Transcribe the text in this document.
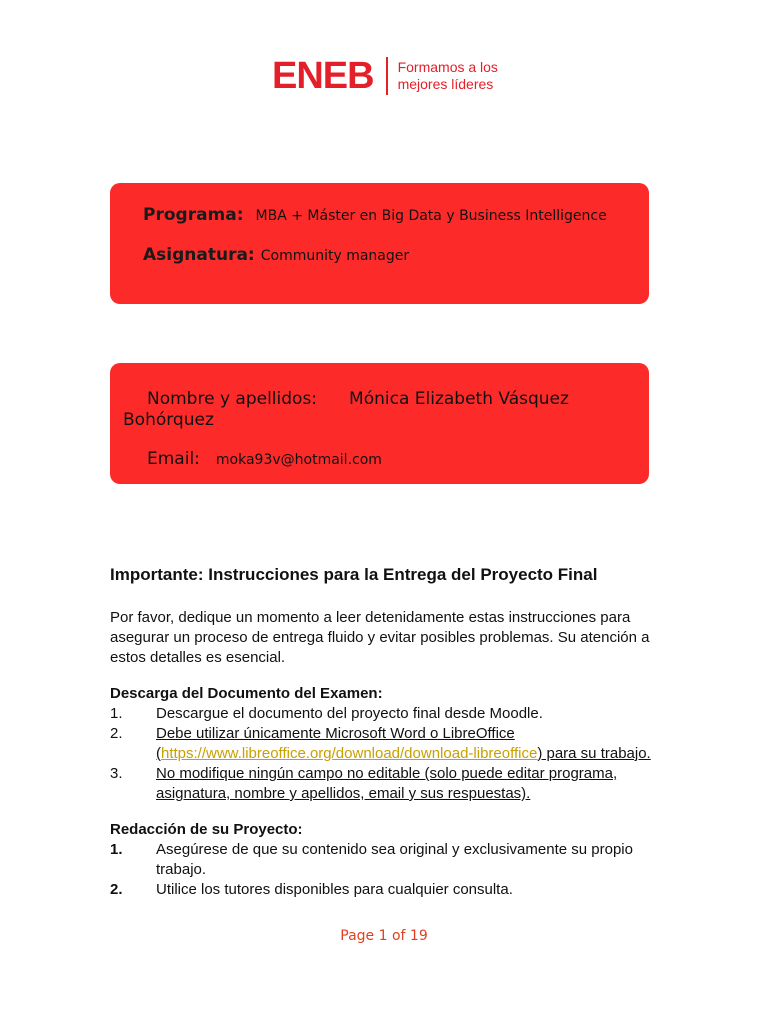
ENEB Formamos a los
mejores líderes
Programa: MBA + Máster en Big Data y Business Intelligence
Asignatura: Community manager
Nombre y apellidos: Mónica Elizabeth Vásquez
Bohórquez
Email: moka93v@hotmail.com
Importante: Instrucciones para la Entrega del Proyecto Final

Por favor, dedique un momento a leer detenidamente estas instrucciones para asegurar un proceso de entrega fluido y evitar posibles problemas. Su atención a estos detalles es esencial.

Descarga del Documento del Examen:

1.	Descargue el documento del proyecto final desde Moodle.
2.	Debe utilizar únicamente Microsoft Word o LibreOffice (https://www.libreoffice.org/download/download-libreoffice) para su trabajo.
3.	No modifique ningún campo no editable (solo puede editar programa, asignatura, nombre y apellidos, email y sus respuestas).

Redacción de su Proyecto:

1.	Asegúrese de que su contenido sea original y exclusivamente su propio trabajo.
2.	Utilice los tutores disponibles para cualquier consulta.
Page 1 of 19
